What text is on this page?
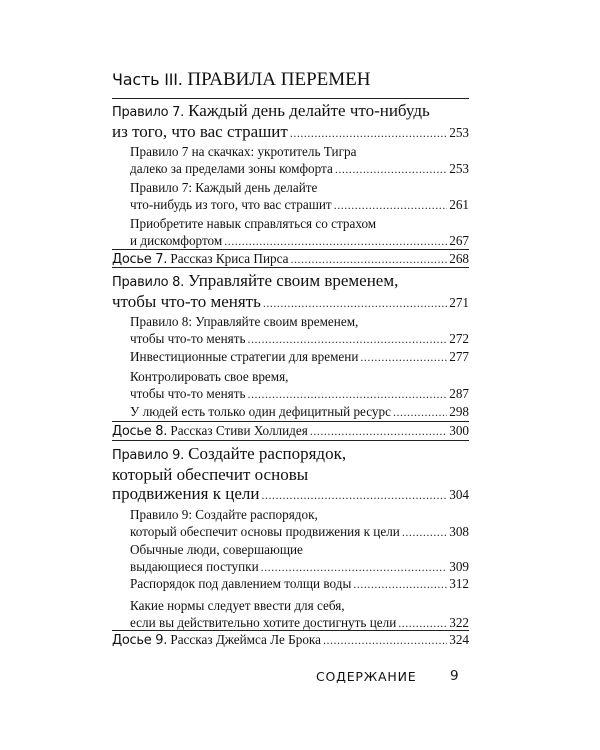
Часть III. ПРАВИЛА ПЕРЕМЕН
Правило 7. Каждый день делайте что-нибудь
из того, что вас страшит .....	253
Правило 7 на скачках: укротитель Тигра
далеко за пределами зоны комфорта .....	253
Правило 7: Каждый день делайте
что-нибудь из того, что вас страшит .....	261
Приобретите навык справляться со страхом
и дискомфортом .....	267
Досье 7. Рассказ Криса Пирса .....	268
Правило 8. Управляйте своим временем,
чтобы что-то менять .....	271
Правило 8: Управляйте своим временем,
чтобы что-то менять .....	272
Инвестиционные стратегии для времени .....	277
Контролировать свое время,
чтобы что-то менять .....	287
У людей есть только один дефицитный ресурс .....	298
Досье 8. Рассказ Стиви Холлидея .....	300
Правило 9. Создайте распорядок,
который обеспечит основы
продвижения к цели .....	304
Правило 9: Создайте распорядок,
который обеспечит основы продвижения к цели .....	308
Обычные люди, совершающие
выдающиеся поступки .....	309
Распорядок под давлением толщи воды .....	312
Какие нормы следует ввести для себя,
если вы действительно хотите достигнуть цели .....	322
Досье 9. Рассказ Джеймса Ле Брока .....	324
СОДЕРЖАНИЕ 9
